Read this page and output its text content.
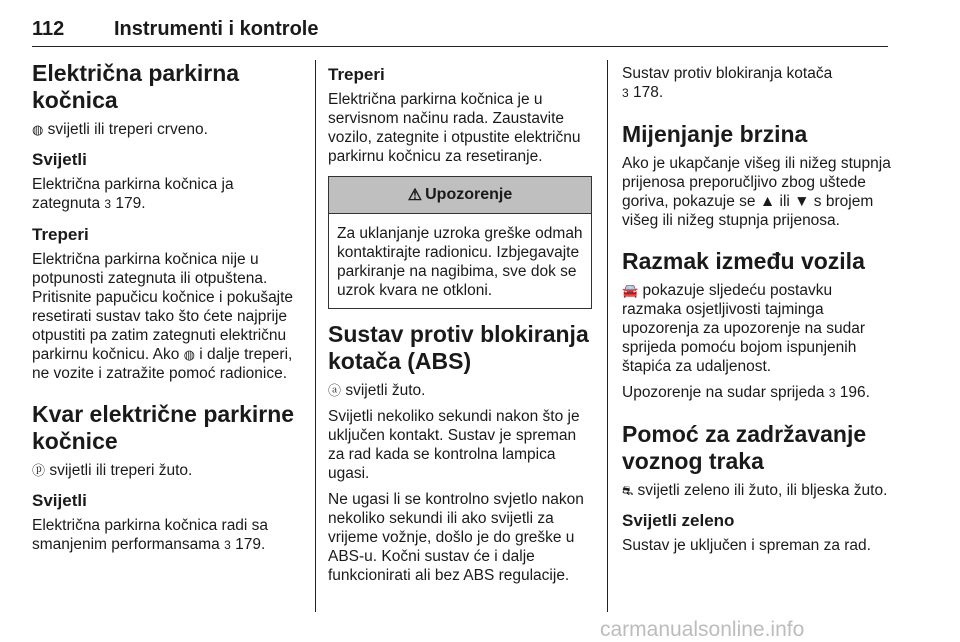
112 Instrumenti i kontrole
Električna parkirna kočnica
◍ svijetli ili treperi crveno.
Svijetli
Električna parkirna kočnica ja zategnuta 3 179.
Treperi
Električna parkirna kočnica nije u potpunosti zategnuta ili otpuštena. Pritisnite papučicu kočnice i pokušajte resetirati sustav tako što ćete najprije otpustiti pa zatim zategnuti električnu parkirnu kočnicu. Ako ◍ i dalje treperi, ne vozite i zatražite pomoć radionice.
Kvar električne parkirne kočnice
ⓟ svijetli ili treperi žuto.
Svijetli
Električna parkirna kočnica radi sa smanjenim performansama 3 179.
Treperi
Električna parkirna kočnica je u servisnom načinu rada. Zaustavite vozilo, zategnite i otpustite električnu parkirnu kočnicu za resetiranje.
⚠ Upozorenje
Za uklanjanje uzroka greške odmah kontaktirajte radionicu. Izbjegavajte parkiranje na nagibima, sve dok se uzrok kvara ne otkloni.
Sustav protiv blokiranja kotača (ABS)
ⓐ svijetli žuto.
Svijetli nekoliko sekundi nakon što je uključen kontakt. Sustav je spreman za rad kada se kontrolna lampica ugasi.
Ne ugasi li se kontrolno svjetlo nakon nekoliko sekundi ili ako svijetli za vrijeme vožnje, došlo je do greške u ABS-u. Kočni sustav će i dalje funkcionirati ali bez ABS regulacije.
Sustav protiv blokiranja kotača
3 178.
Mijenjanje brzina
Ako je ukapčanje višeg ili nižeg stupnja prijenosa preporučljivo zbog uštede goriva, pokazuje se ▲ ili ▼ s brojem višeg ili nižeg stupnja prijenosa.
Razmak između vozila
🚘 pokazuje sljedeću postavku razmaka osjetljivosti tajminga upozorenja za upozorenje na sudar sprijeda pomoću bojom ispunjenih štapića za udaljenost.
Upozorenje na sudar sprijeda 3 196.
Pomoć za zadržavanje voznog traka
⛐ svijetli zeleno ili žuto, ili bljeska žuto.
Svijetli zeleno
Sustav je uključen i spreman za rad.
carmanualsonline.info
